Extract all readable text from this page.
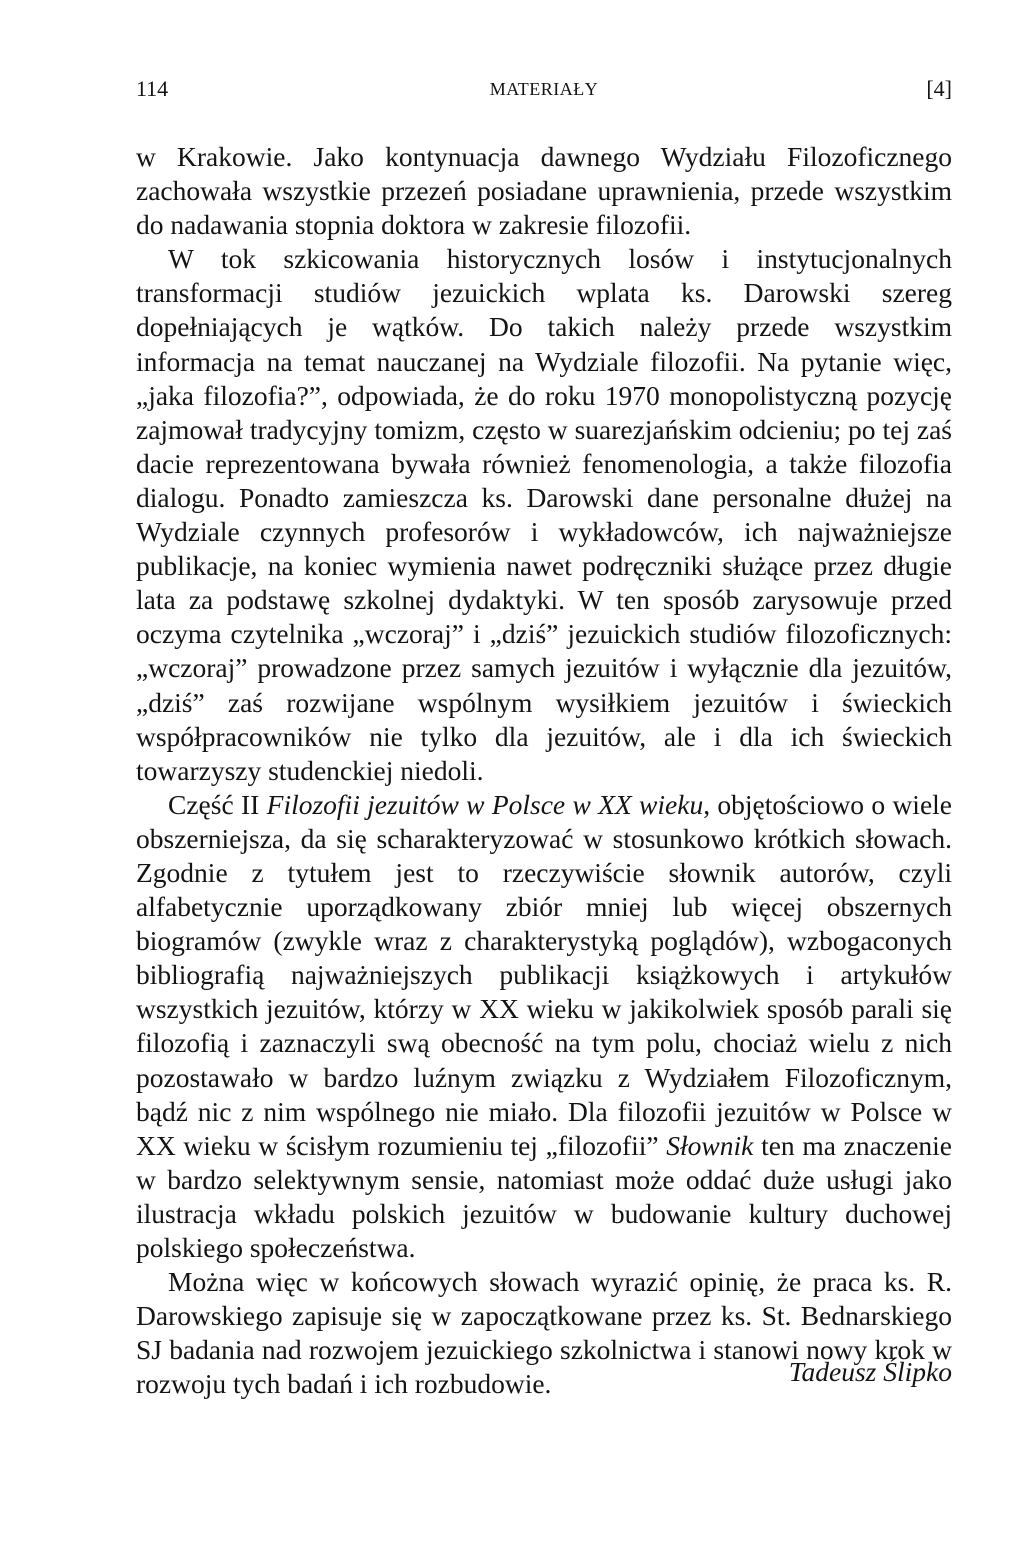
114	MATERIAŁY	[4]

w Krakowie. Jako kontynuacja dawnego Wydziału Filozoficznego zachowała wszystkie przezeń posiadane uprawnienia, przede wszystkim do nadawania stopnia doktora w zakresie filozofii.

W tok szkicowania historycznych losów i instytucjonalnych transformacji studiów jezuickich wplata ks. Darowski szereg dopełniających je wątków. Do takich należy przede wszystkim informacja na temat nauczanej na Wydziale filozofii. Na pytanie więc, „jaka filozofia?”, odpowiada, że do roku 1970 monopolistyczną pozycję zajmował tradycyjny tomizm, często w suarezjańskim odcieniu; po tej zaś dacie reprezentowana bywała również fenomenologia, a także filozofia dialogu. Ponadto zamieszcza ks. Darowski dane personalne dłużej na Wydziale czynnych profesorów i wykładowców, ich najważniejsze publikacje, na koniec wymienia nawet podręczniki służące przez długie lata za podstawę szkolnej dydaktyki. W ten sposób zarysowuje przed oczyma czytelnika „wczoraj” i „dziś” jezuickich studiów filozoficznych: „wczoraj” prowadzone przez samych jezuitów i wyłącznie dla jezuitów, „dziś” zaś rozwijane wspólnym wysiłkiem jezuitów i świeckich współpracowników nie tylko dla jezuitów, ale i dla ich świeckich towarzyszy studenckiej niedoli.

Część II Filozofii jezuitów w Polsce w XX wieku, objętościowo o wiele obszerniejsza, da się scharakteryzować w stosunkowo krótkich słowach. Zgodnie z tytułem jest to rzeczywiście słownik autorów, czyli alfabetycznie uporządkowany zbiór mniej lub więcej obszernych biogramów (zwykle wraz z charakterystyką poglądów), wzbogaconych bibliografią najważniejszych publikacji książkowych i artykułów wszystkich jezuitów, którzy w XX wieku w jakikolwiek sposób parali się filozofią i zaznaczyli swą obecność na tym polu, chociaż wielu z nich pozostawało w bardzo luźnym związku z Wydziałem Filozoficznym, bądź nic z nim wspólnego nie miało. Dla filozofii jezuitów w Polsce w XX wieku w ścisłym rozumieniu tej „filozofii” Słownik ten ma znaczenie w bardzo selektywnym sensie, natomiast może oddać duże usługi jako ilustracja wkładu polskich jezuitów w budowanie kultury duchowej polskiego społeczeństwa.

Można więc w końcowych słowach wyrazić opinię, że praca ks. R. Darowskiego zapisuje się w zapoczątkowane przez ks. St. Bednarskiego SJ badania nad rozwojem jezuickiego szkolnictwa i stanowi nowy krok w rozwoju tych badań i ich rozbudowie.	Tadeusz Ślipko
